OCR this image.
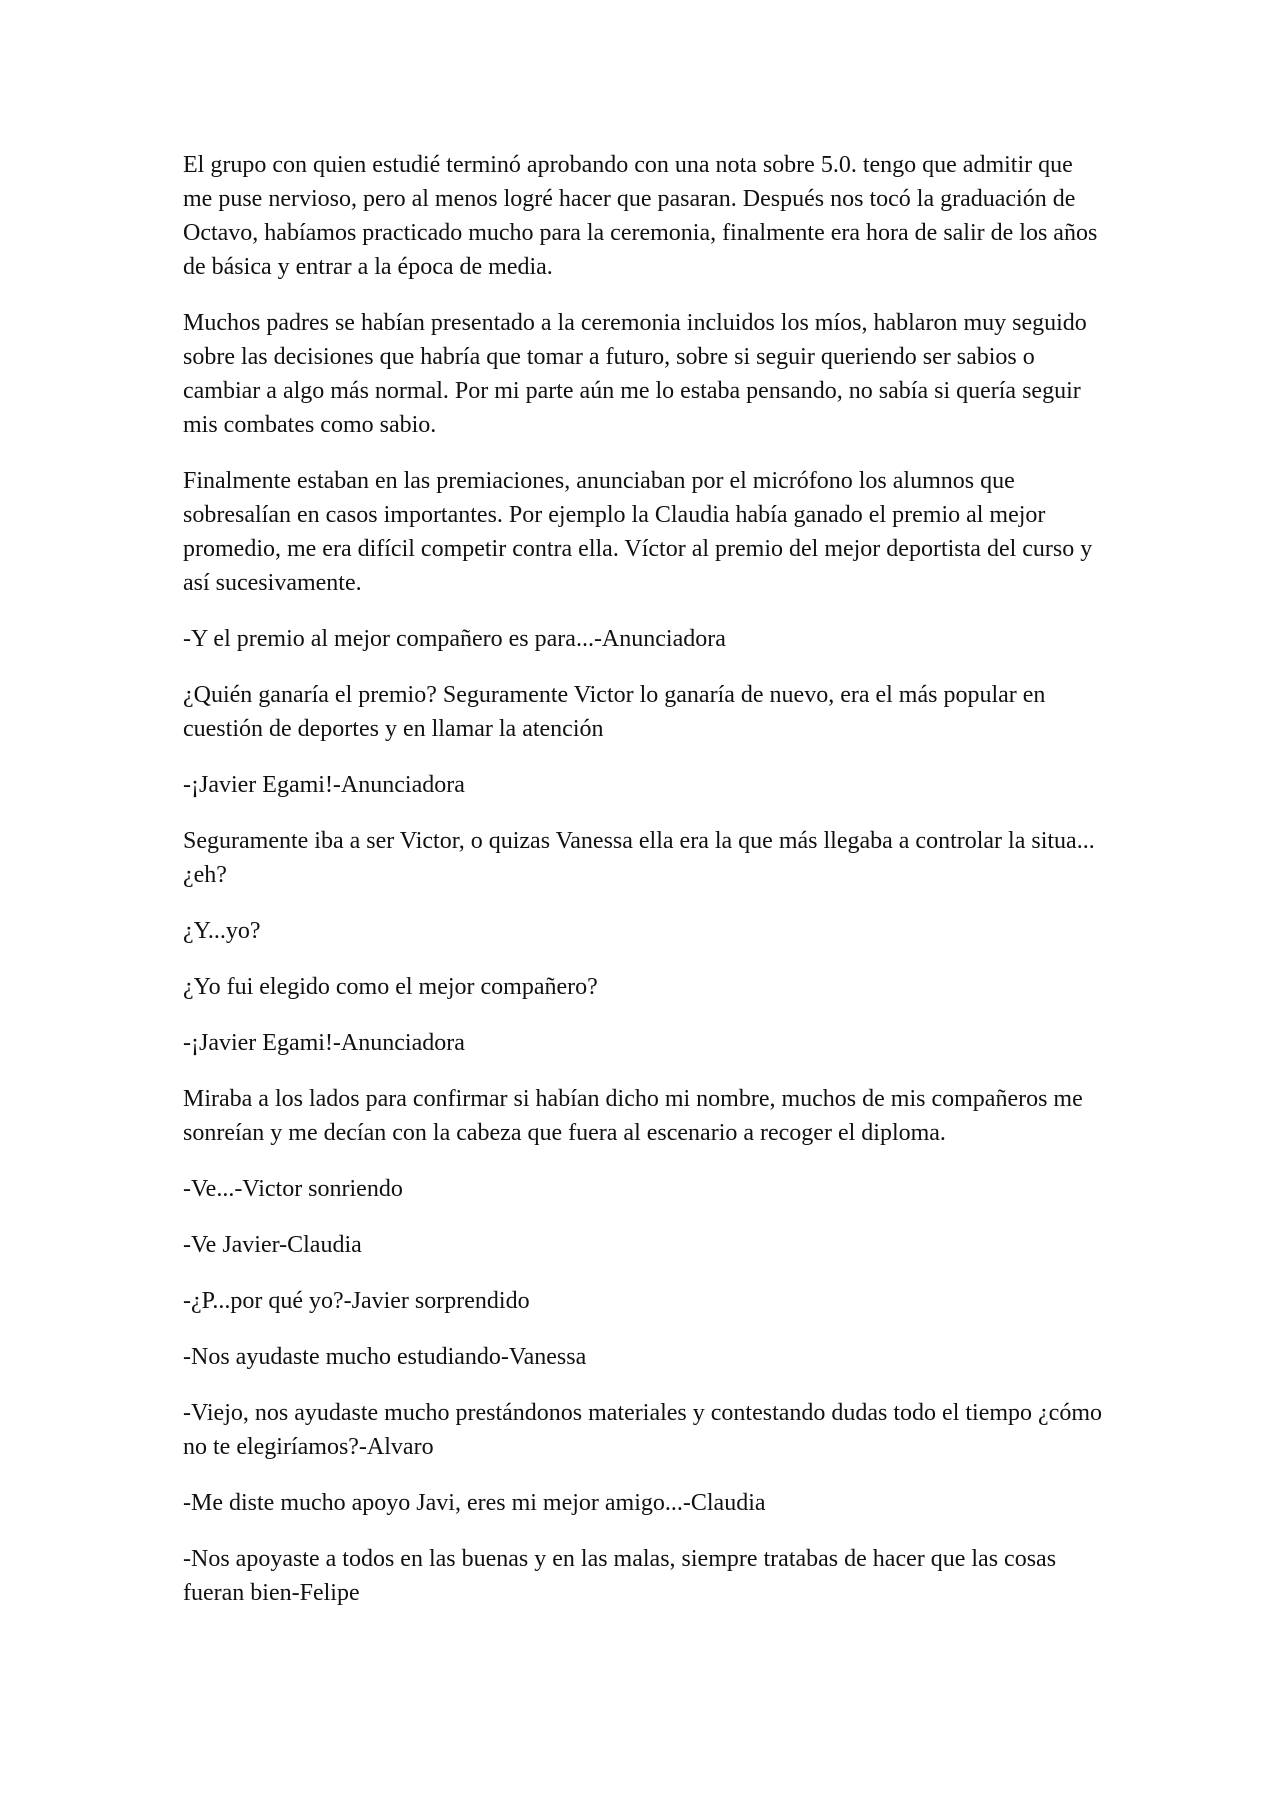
El grupo con quien estudié terminó aprobando con una nota sobre 5.0. tengo que admitir que me puse nervioso, pero al menos logré hacer que pasaran. Después nos tocó la graduación de Octavo, habíamos practicado mucho para la ceremonia, finalmente era hora de salir de los años de básica y entrar a la época de media.

Muchos padres se habían presentado a la ceremonia incluidos los míos, hablaron muy seguido sobre las decisiones que habría que tomar a futuro, sobre si seguir queriendo ser sabios o cambiar a algo más normal. Por mi parte aún me lo estaba pensando, no sabía si quería seguir mis combates como sabio.

Finalmente estaban en las premiaciones, anunciaban por el micrófono los alumnos que sobresalían en casos importantes. Por ejemplo la Claudia había ganado el premio al mejor promedio, me era difícil competir contra ella. Víctor al premio del mejor deportista del curso y así sucesivamente.

-Y el premio al mejor compañero es para...-Anunciadora

¿Quién ganaría el premio? Seguramente Victor lo ganaría de nuevo, era el más popular en cuestión de deportes y en llamar la atención

-¡Javier Egami!-Anunciadora

Seguramente iba a ser Victor, o quizas Vanessa ella era la que más llegaba a controlar la situa... ¿eh?

¿Y...yo?

¿Yo fui elegido como el mejor compañero?

-¡Javier Egami!-Anunciadora

Miraba a los lados para confirmar si habían dicho mi nombre, muchos de mis compañeros me sonreían y me decían con la cabeza que fuera al escenario a recoger el diploma.

-Ve...-Victor sonriendo

-Ve Javier-Claudia

-¿P...por qué yo?-Javier sorprendido

-Nos ayudaste mucho estudiando-Vanessa

-Viejo, nos ayudaste mucho prestándonos materiales y contestando dudas todo el tiempo ¿cómo no te elegiríamos?-Alvaro

-Me diste mucho apoyo Javi, eres mi mejor amigo...-Claudia

-Nos apoyaste a todos en las buenas y en las malas, siempre tratabas de hacer que las cosas fueran bien-Felipe
